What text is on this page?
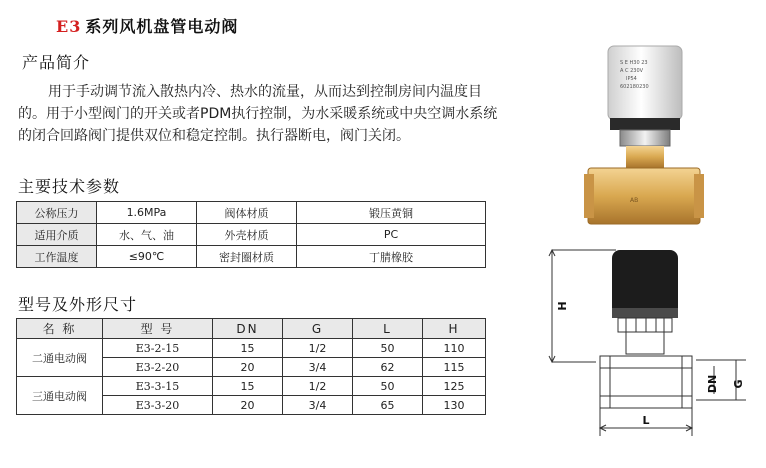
E3 系列风机盘管电动阀
产品简介

用于手动调节流入散热内冷、热水的流量，从而达到控制房间内温度目的。用于小型阀门的开关或者PDM执行控制，为水采暖系统或中央空调水系统的闭合回路阀门提供双位和稳定控制。执行器断电，阀门关闭。

主要技术参数
公称压力	1.6MPa	阀体材质	锻压黄铜
适用介质	水、气、油	外壳材质	PC
工作温度	≤90℃	密封圈材质	丁腈橡胶
型号及外形尺寸
名 称	型 号	DN	G	L	H
二通电动阀	E3-2-15	15	1/2	50	110
	E3-2-20	20	3/4	62	115
三通电动阀	E3-3-15	15	1/2	50	125
	E3-3-20	20	3/4	65	130
S E H30 23
A C 230V
IP54
602180230
AB
H
DN G
L
